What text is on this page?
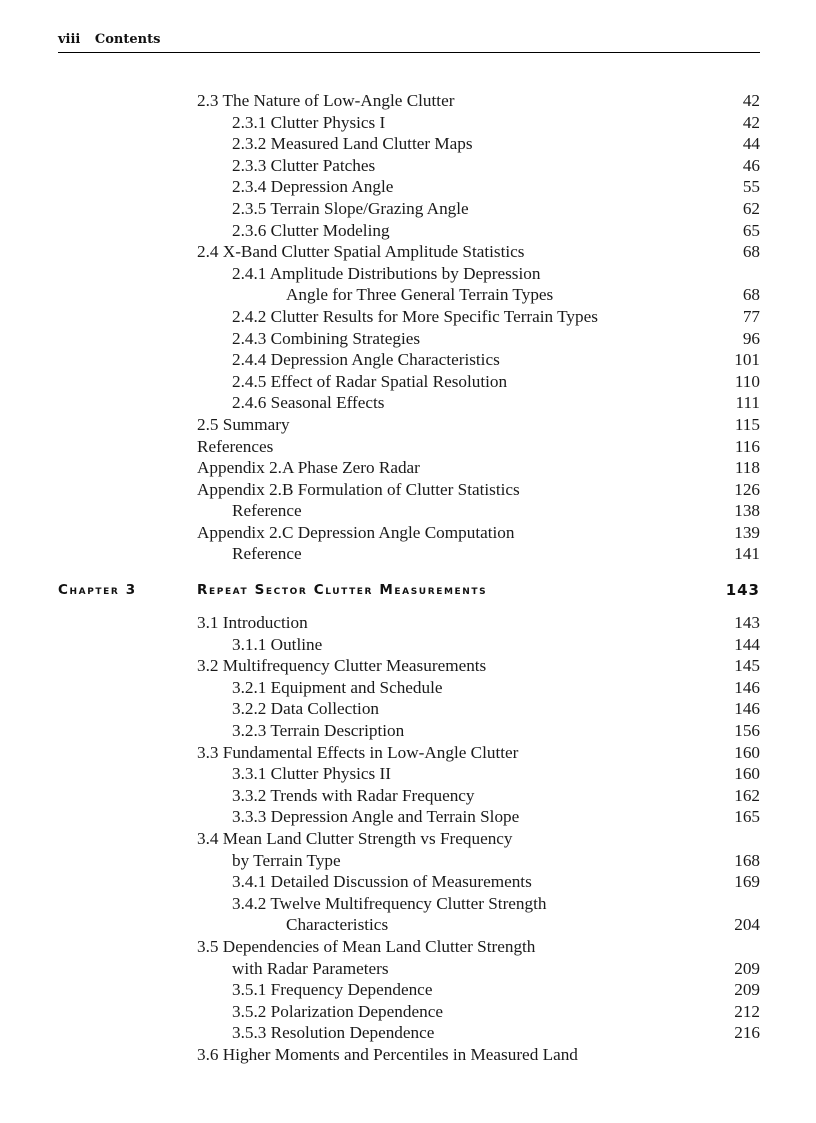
viii Contents
2.3 The Nature of Low-Angle Clutter	42
2.3.1 Clutter Physics I	42
2.3.2 Measured Land Clutter Maps	44
2.3.3 Clutter Patches	46
2.3.4 Depression Angle	55
2.3.5 Terrain Slope/Grazing Angle	62
2.3.6 Clutter Modeling	65
2.4 X-Band Clutter Spatial Amplitude Statistics	68
2.4.1 Amplitude Distributions by Depression
Angle for Three General Terrain Types	68
2.4.2 Clutter Results for More Specific Terrain Types	77
2.4.3 Combining Strategies	96
2.4.4 Depression Angle Characteristics	101
2.4.5 Effect of Radar Spatial Resolution	110
2.4.6 Seasonal Effects	111
2.5 Summary	115
References	116
Appendix 2.A Phase Zero Radar	118
Appendix 2.B Formulation of Clutter Statistics	126
Reference	138
Appendix 2.C Depression Angle Computation	139
Reference	141
Chapter 3	Repeat Sector Clutter Measurements	143
3.1 Introduction	143
3.1.1 Outline	144
3.2 Multifrequency Clutter Measurements	145
3.2.1 Equipment and Schedule	146
3.2.2 Data Collection	146
3.2.3 Terrain Description	156
3.3 Fundamental Effects in Low-Angle Clutter	160
3.3.1 Clutter Physics II	160
3.3.2 Trends with Radar Frequency	162
3.3.3 Depression Angle and Terrain Slope	165
3.4 Mean Land Clutter Strength vs Frequency
by Terrain Type	168
3.4.1 Detailed Discussion of Measurements	169
3.4.2 Twelve Multifrequency Clutter Strength
Characteristics	204
3.5 Dependencies of Mean Land Clutter Strength
with Radar Parameters	209
3.5.1 Frequency Dependence	209
3.5.2 Polarization Dependence	212
3.5.3 Resolution Dependence	216
3.6 Higher Moments and Percentiles in Measured Land
